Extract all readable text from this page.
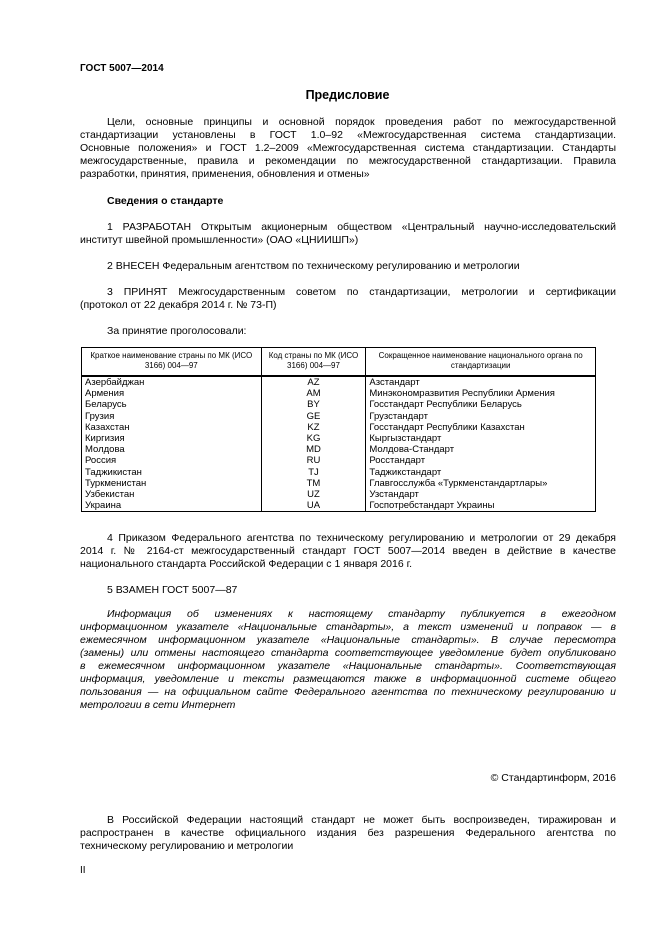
ГОСТ 5007—2014
Предисловие
Цели, основные принципы и основной порядок проведения работ по межгосударственной
стандартизации установлены в ГОСТ 1.0–92 «Межгосударственная система стандартизации.
Основные положения» и ГОСТ 1.2–2009 «Межгосударственная система стандартизации. Стандарты
межгосударственные, правила и рекомендации по межгосударственной стандартизации. Правила
разработки, принятия, применения, обновления и отмены»
Сведения о стандарте
1 РАЗРАБОТАН Открытым акционерным обществом «Центральный научно-исследовательский
институт швейной промышленности» (ОАО «ЦНИИШП»)
2 ВНЕСЕН Федеральным агентством по техническому регулированию и метрологии
3 ПРИНЯТ Межгосударственным советом по стандартизации, метрологии и сертификации
(протокол от 22 декабря 2014 г. № 73-П)
За принятие проголосовали:
Краткое наименование страны по МК (ИСО 3166) 004—97	Код страны по МК (ИСО 3166) 004—97	Сокращенное наименование национального органа по стандартизации
Азербайджан	AZ	Азстандарт
Армения	AM	Минэкономразвития Республики Армения
Беларусь	BY	Госстандарт Республики Беларусь
Грузия	GE	Грузстандарт
Казахстан	KZ	Госстандарт Республики Казахстан
Киргизия	KG	Кыргызстандарт
Молдова	MD	Молдова-Стандарт
Россия	RU	Росстандарт
Таджикистан	TJ	Таджикстандарт
Туркменистан	TM	Главгосслужба «Туркменстандартлары»
Узбекистан	UZ	Узстандарт
Украина	UA	Госпотребстандарт Украины
4 Приказом Федерального агентства по техническому регулированию и метрологии от 29 декабря
2014 г. № 2164-ст межгосударственный стандарт ГОСТ 5007—2014 введен в действие в качестве
национального стандарта Российской Федерации с 1 января 2016 г.
5 ВЗАМЕН ГОСТ 5007—87
Информация об изменениях к настоящему стандарту публикуется в ежегодном
информационном указателе «Национальные стандарты», а текст изменений и поправок — в
ежемесячном информационном указателе «Национальные стандарты». В случае пересмотра
(замены) или отмены настоящего стандарта соответствующее уведомление будет опубликовано
в ежемесячном информационном указателе «Национальные стандарты». Соответствующая
информация, уведомление и тексты размещаются также в информационной системе общего
пользования — на официальном сайте Федерального агентства по техническому регулированию и
метрологии в сети Интернет
© Стандартинформ, 2016
В Российской Федерации настоящий стандарт не может быть воспроизведен, тиражирован и
распространен в качестве официального издания без разрешения Федерального агентства по
техническому регулированию и метрологии
II
